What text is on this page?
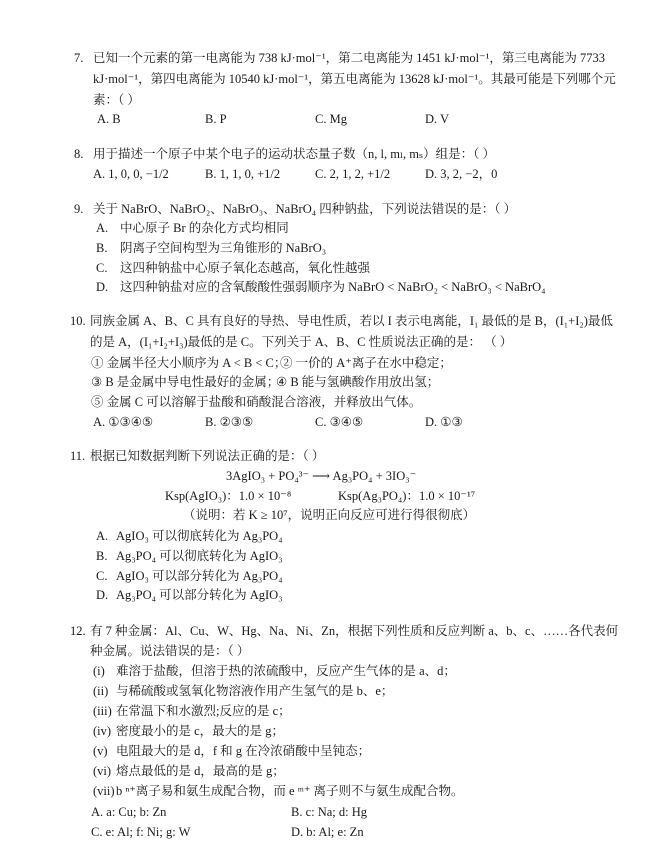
7. 已知一个元素的第一电离能为 738 kJ·mol⁻¹，第二电离能为 1451 kJ·mol⁻¹，第三电离能为 7733
kJ·mol⁻¹，第四电离能为 10540 kJ·mol⁻¹，第五电离能为 13628 kJ·mol⁻¹。其最可能是下列哪个元
素：（ ）
A. B	B. P	C. Mg	D. V
8. 用于描述一个原子中某个电子的运动状态量子数（n, l, mₗ, mₛ）组是：（ ）
A. 1, 0, 0, −1/2	B. 1, 1, 0, +1/2	C. 2, 1, 2, +1/2	D. 3, 2, −2，0
9. 关于 NaBrO、NaBrO₂、NaBrO₃、NaBrO₄ 四种钠盐，下列说法错误的是：（ ）
A. 中心原子 Br 的杂化方式均相同
B. 阴离子空间构型为三角锥形的 NaBrO₃
C. 这四种钠盐中心原子氧化态越高，氧化性越强
D. 这四种钠盐对应的含氧酸酸性强弱顺序为 NaBrO < NaBrO₂ < NaBrO₃ < NaBrO₄
10. 同族金属 A、B、C 具有良好的导热、导电性质，若以 I 表示电离能，I₁ 最低的是 B，(I₁+I₂)最低
的是 A，(I₁+I₂+I₃)最低的是 C。下列关于 A、B、C 性质说法正确的是： （ ）
① 金属半径大小顺序为 A < B < C；
② 一价的 A⁺离子在水中稳定；
③ B 是金属中导电性最好的金属；
④ B 能与氢碘酸作用放出氢；
⑤ 金属 C 可以溶解于盐酸和硝酸混合溶液，并释放出气体。
A. ①③④⑤	B. ②③⑤	C. ③④⑤	D. ①③
11. 根据已知数据判断下列说法正确的是：（ ）
3AgIO₃ + PO₄³⁻ ⟶ Ag₃PO₄ + 3IO₃⁻
Ksp(AgIO₃)：1.0 × 10⁻⁸	Ksp(Ag₃PO₄)：1.0 × 10⁻¹⁷
（说明：若 K ≥ 10⁷，说明正向反应可进行得很彻底）
A. AgIO₃ 可以彻底转化为 Ag₃PO₄
B. Ag₃PO₄ 可以彻底转化为 AgIO₃
C. AgIO₃ 可以部分转化为 Ag₃PO₄
D. Ag₃PO₄ 可以部分转化为 AgIO₃
12. 有 7 种金属：Al、Cu、W、Hg、Na、Ni、Zn，根据下列性质和反应判断 a、b、c、……各代表何
种金属。说法错误的是：（ ）
(i) 难溶于盐酸，但溶于热的浓硫酸中，反应产生气体的是 a、d；
(ii) 与稀硫酸或氢氧化物溶液作用产生氢气的是 b、e；
(iii) 在常温下和水激烈;反应的是 c；
(iv) 密度最小的是 c，最大的是 g；
(v) 电阻最大的是 d，f 和 g 在冷浓硝酸中呈钝态；
(vi) 熔点最低的是 d，最高的是 g；
(vii) b ⁿ⁺离子易和氨生成配合物，而 e ᵐ⁺ 离子则不与氨生成配合物。
A. a: Cu; b: Zn	B. c: Na; d: Hg
C. e: Al; f: Ni; g: W	D. b: Al; e: Zn
